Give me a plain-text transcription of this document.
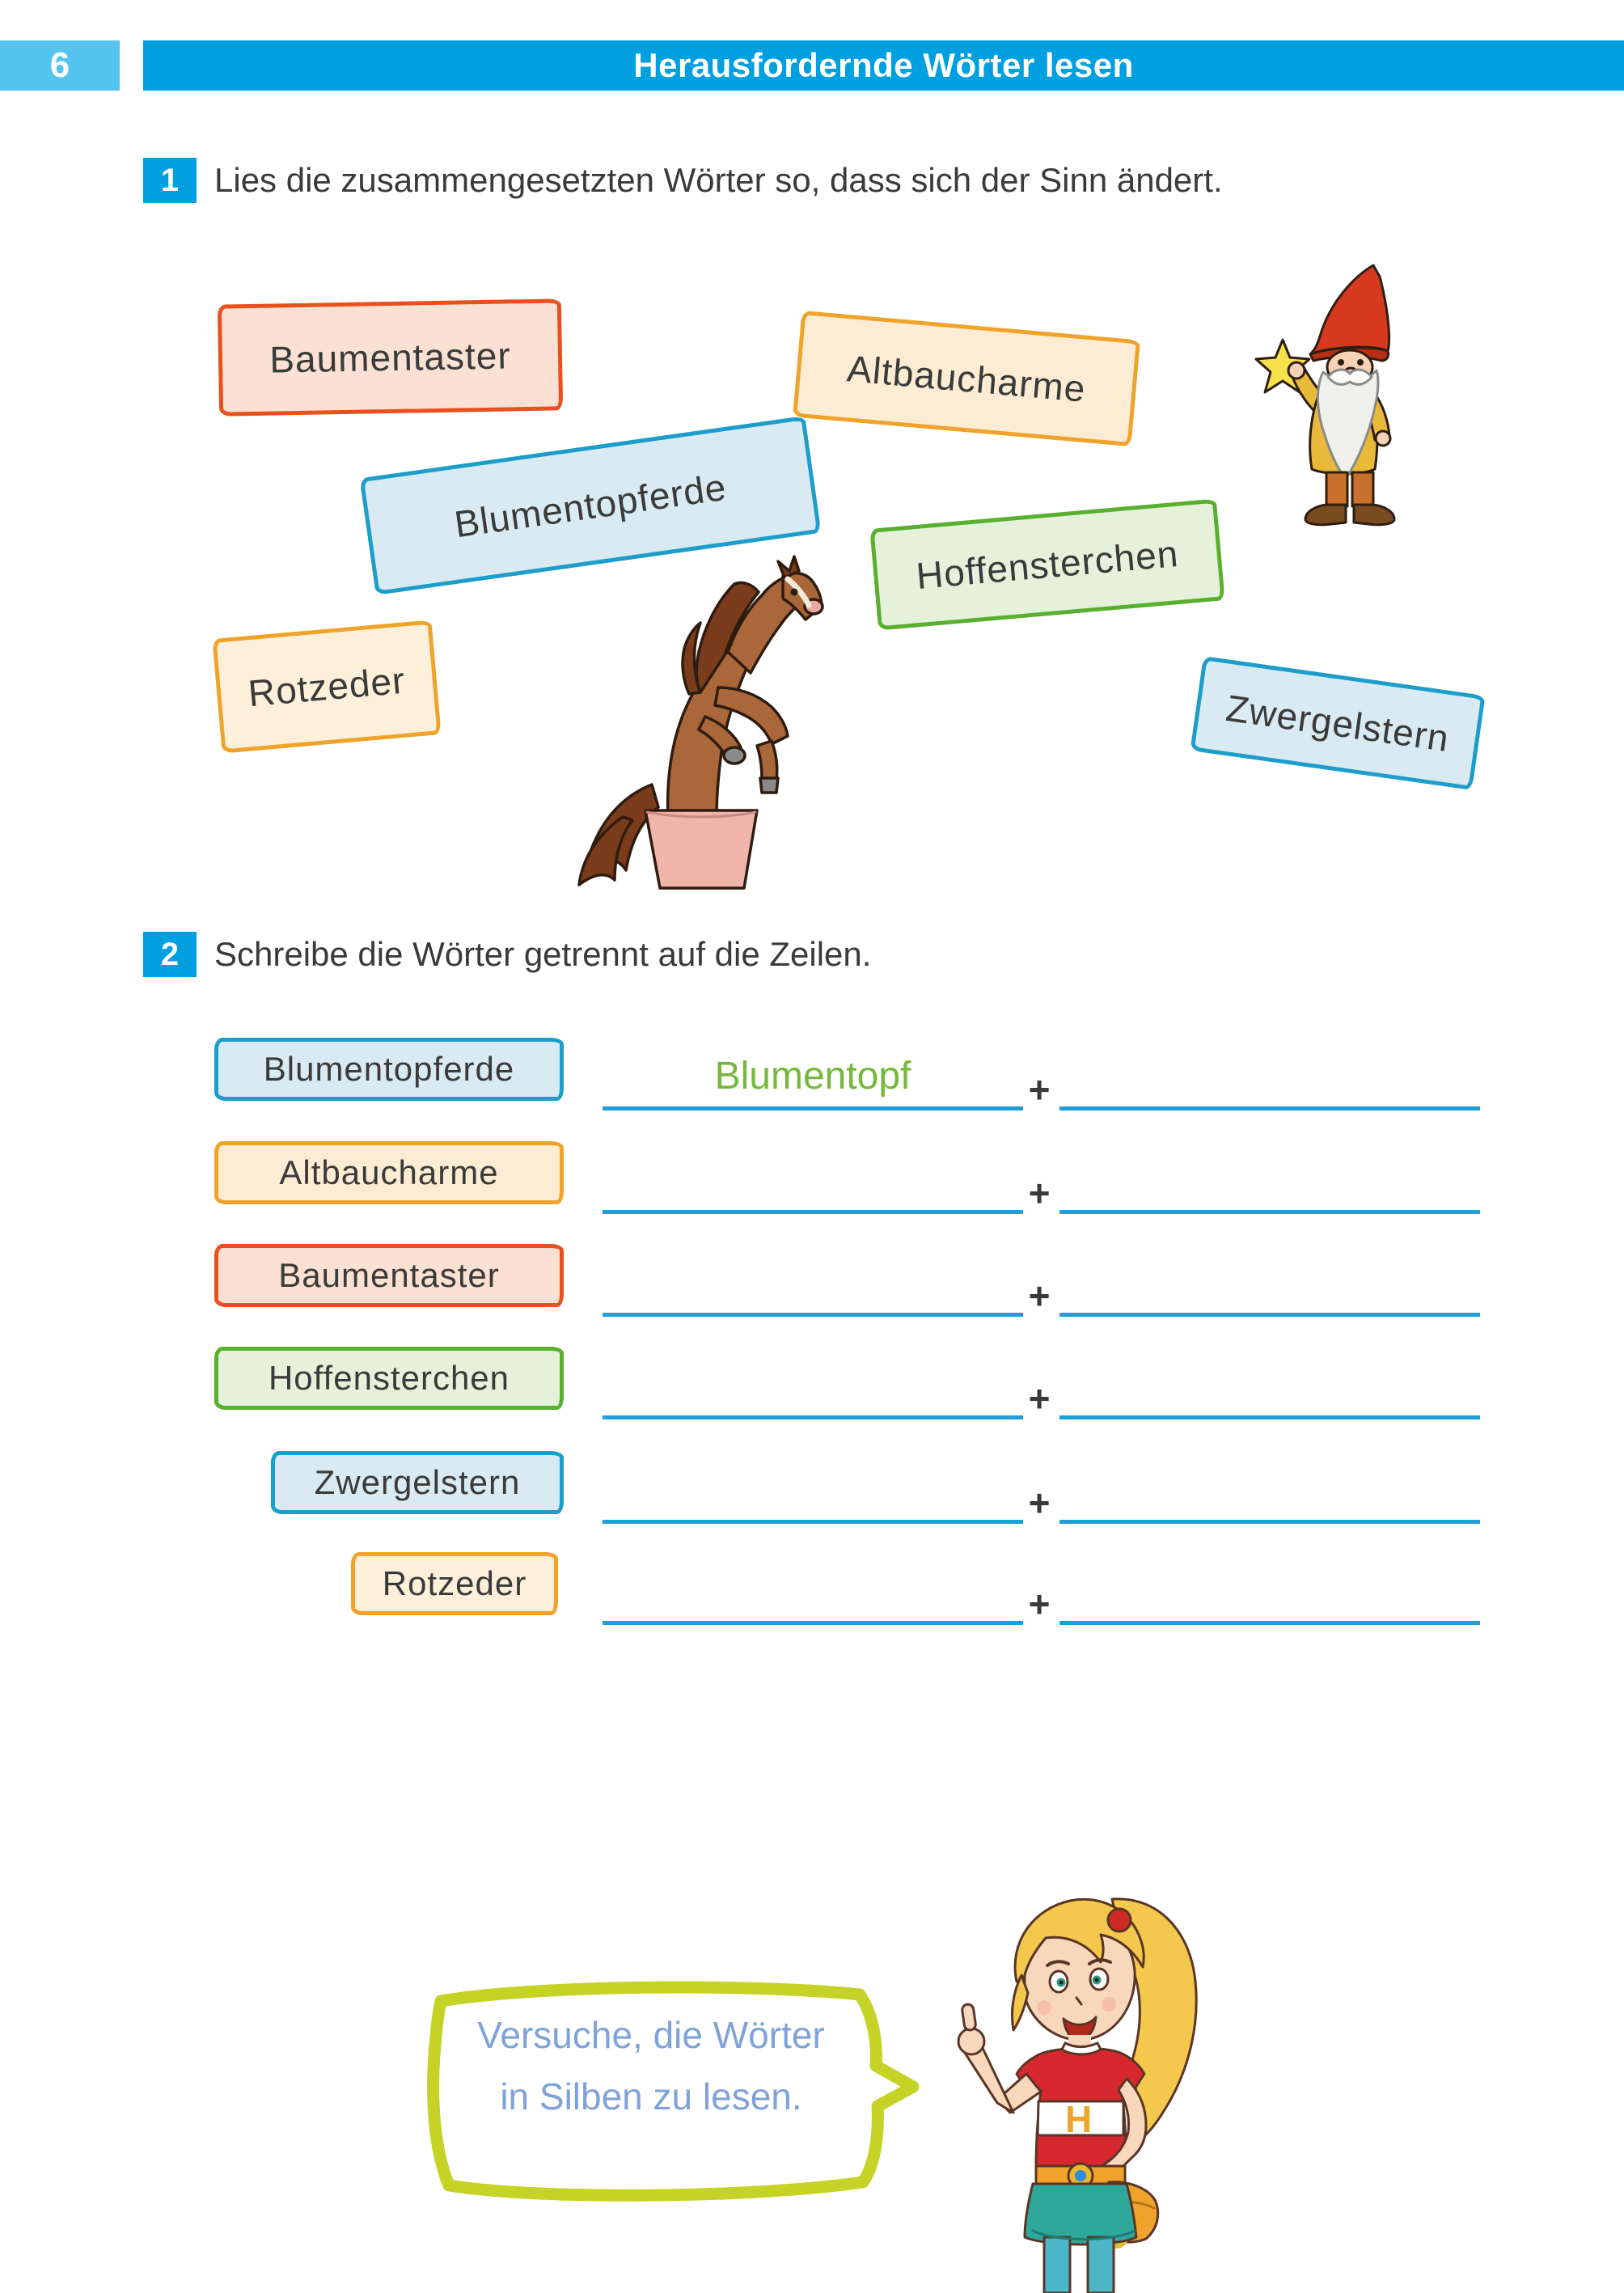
6	Herausfordernde Wörter lesen
1 Lies die zusammengesetzten Wörter so, dass sich der Sinn ändert.
Baumentaster	Altbaucharme
Blumentopferde
Hoffensterchen
Rotzeder	Zwergelstern
2 Schreibe die Wörter getrennt auf die Zeilen.
Blumentopferde	Blumentopf	+
Altbaucharme	+
Baumentaster	+
Hoffensterchen	+
Zwergelstern	+
Rotzeder	+
Versuche, die Wörter
in Silben zu lesen.
H
